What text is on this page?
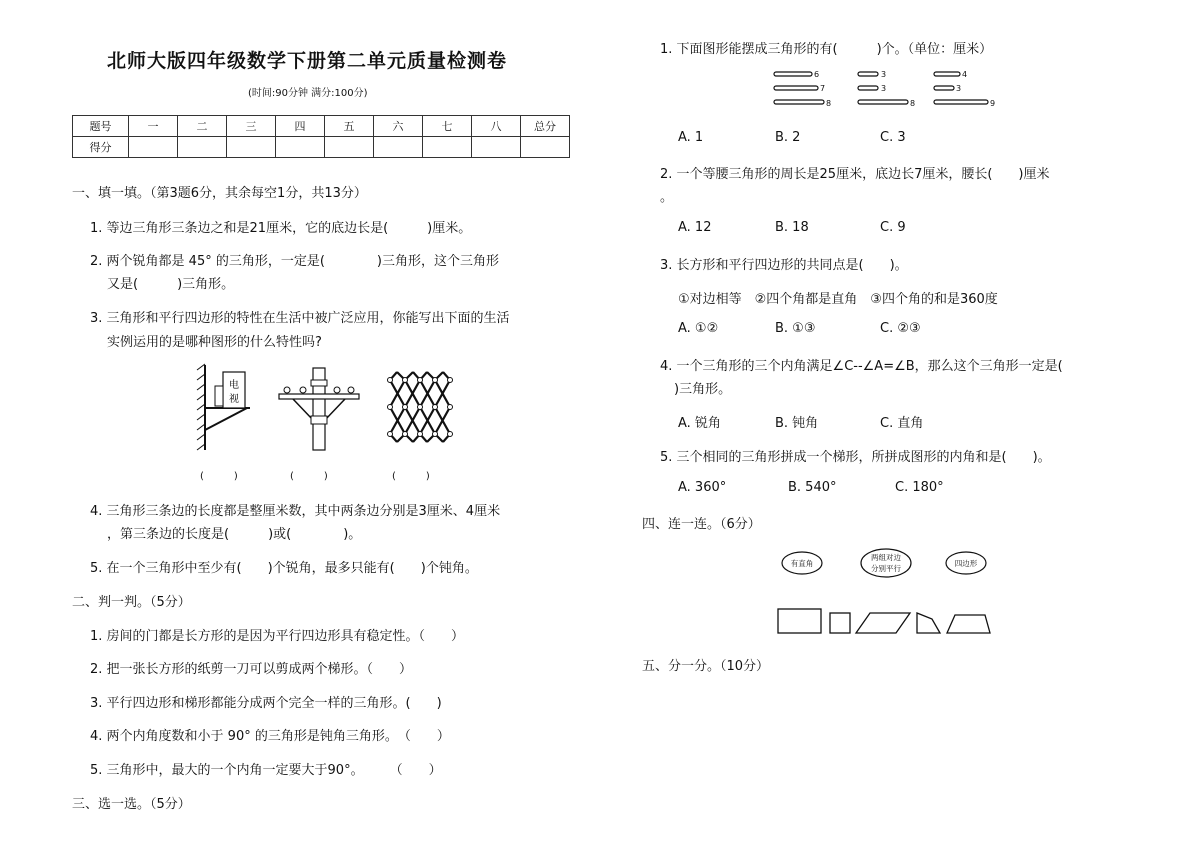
北师大版四年级数学下册第二单元质量检测卷
(时间:90分钟 满分:100分)
题号	一	二	三	四	五	六	七	八	总分
得分									
一、填一填。（第3题6分，其余每空1分，共13分）
1. 等边三角形三条边之和是21厘米，它的底边长是(　　　)厘米。
2. 两个锐角都是 45° 的三角形，一定是(　　　　)三角形，这个三角形
又是(　　　)三角形。
3. 三角形和平行四边形的特性在生活中被广泛应用，你能写出下面的生活
实例运用的是哪种图形的什么特性吗?
电
视
(　　　)	(　　　)	(　　　)
4. 三角形三条边的长度都是整厘米数，其中两条边分别是3厘米、4厘米
，第三条边的长度是(　　　)或(　　　　)。
5. 在一个三角形中至少有(　　)个锐角，最多只能有(　　)个钝角。
二、判一判。（5分）
1. 房间的门都是长方形的是因为平行四边形具有稳定性。（　　）
2. 把一张长方形的纸剪一刀可以剪成两个梯形。（　　）
3. 平行四边形和梯形都能分成两个完全一样的三角形。(　　)
4. 两个内角度数和小于 90° 的三角形是钝角三角形。　（　　）
5. 三角形中，最大的一个内角一定要大于90°。　　　（　　）
三、选一选。（5分）
1. 下面图形能摆成三角形的有(　　　)个。（单位：厘米）
6
7
8
3
3
8
4
3
9
A. 1	B. 2	C. 3
2. 一个等腰三角形的周长是25厘米，底边长7厘米，腰长(　　)厘米
。
A. 12	B. 18	C. 9
3. 长方形和平行四边形的共同点是(　　)。
①对边相等　②四个角都是直角　③四个角的和是360度
A. ①②	B. ①③	C. ②③
4. 一个三角形的三个内角满足∠C--∠A=∠B，那么这个三角形一定是(
)三角形。
A. 锐角	B. 钝角	C. 直角
5. 三个相同的三角形拼成一个梯形，所拼成图形的内角和是(　　)。
A. 360°	B. 540°	C. 180°
四、连一连。（6分）
有直角
两组对边
分别平行
四边形
五、分一分。（10分）
